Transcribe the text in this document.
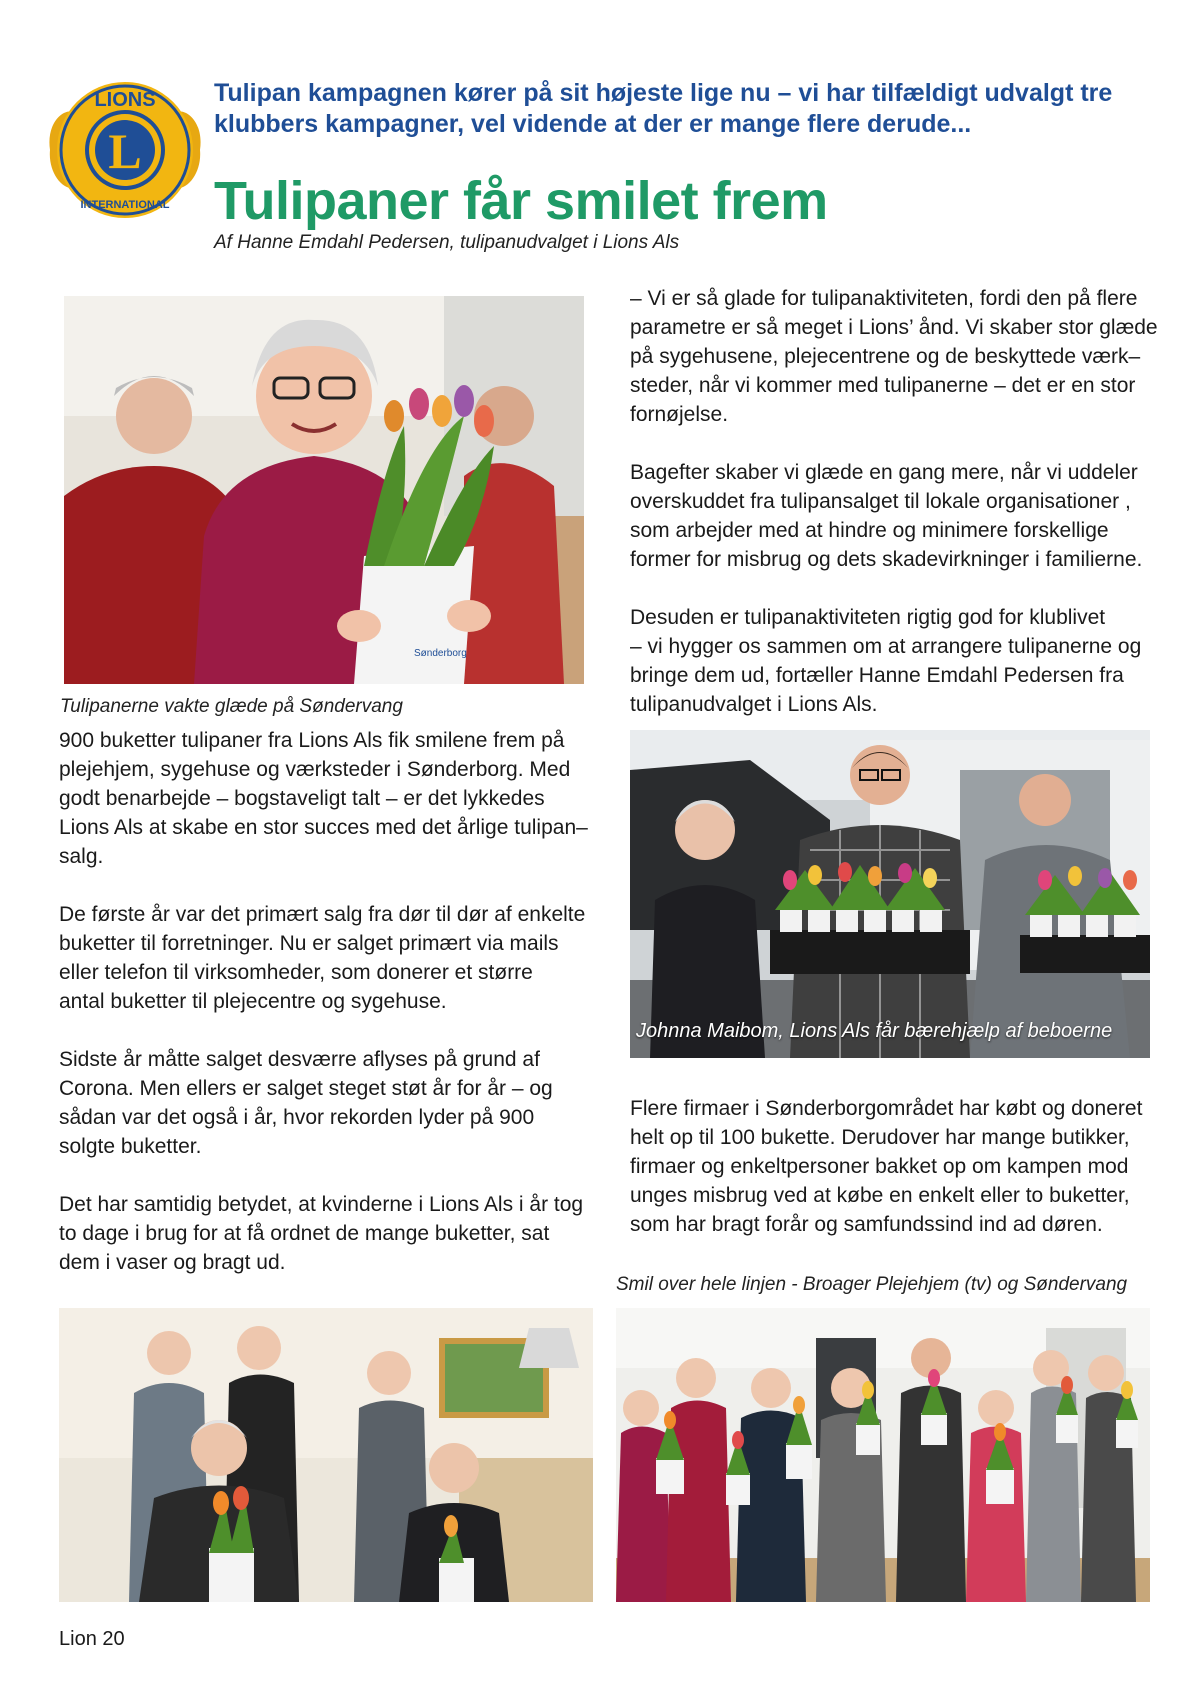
L
LIONS
INTERNATIONAL
Tulipan kampagnen kører på sit højeste lige nu – vi har tilfældigt udvalgt tre klubbers kampagner, vel vidende at der er mange flere derude...
Tulipaner får smilet frem
Af Hanne Emdahl Pedersen, tulipanudvalget i Lions Als
Sønderborg
Tulipanerne vakte glæde på Søndervang

900 buketter tulipaner fra Lions Als fik smilene frem på
plejehjem, sygehuse og værksteder i Sønderborg. Med
godt benarbejde – bogstaveligt talt – er det lykkedes
Lions Als at skabe en stor succes med det årlige tulipan–
salg.

De første år var det primært salg fra dør til dør af enkelte
buketter til forretninger. Nu er salget primært via mails
eller telefon til virksomheder, som donerer et større
antal buketter til plejecentre og sygehuse.

Sidste år måtte salget desværre aflyses på grund af
Corona. Men ellers er salget steget støt år for år – og
sådan var det også i år, hvor rekorden lyder på 900
solgte buketter.

Det har samtidig betydet, at kvinderne i Lions Als i år tog
to dage i brug for at få ordnet de mange buketter, sat
dem i vaser og bragt ud.

– Vi er så glade for tulipanaktiviteten, fordi den på flere
parametre er så meget i Lions’ ånd. Vi skaber stor glæde
på sygehusene, plejecentrene og de beskyttede værk–
steder, når vi kommer med tulipanerne – det er en stor
fornøjelse.

Bagefter skaber vi glæde en gang mere, når vi uddeler
overskuddet fra tulipansalget til lokale organisationer ,
som arbejder med at hindre og minimere forskellige
former for misbrug og dets skadevirkninger i familierne.

Desuden er tulipanaktiviteten rigtig god for klublivet
– vi hygger os sammen om at arrangere tulipanerne og
bringe dem ud, fortæller Hanne Emdahl Pedersen fra
tulipanudvalget i Lions Als.

Johnna Maibom, Lions Als får bærehjælp af beboerne

Flere firmaer i Sønderborgområdet har købt og doneret
helt op til 100 bukette. Derudover har mange butikker,
firmaer og enkeltpersoner bakket op om kampen mod
unges misbrug ved at købe en enkelt eller to buketter,
som har bragt forår og samfundssind ind ad døren.

Smil over hele linjen - Broager Plejehjem (tv) og Søndervang
Lion 20
